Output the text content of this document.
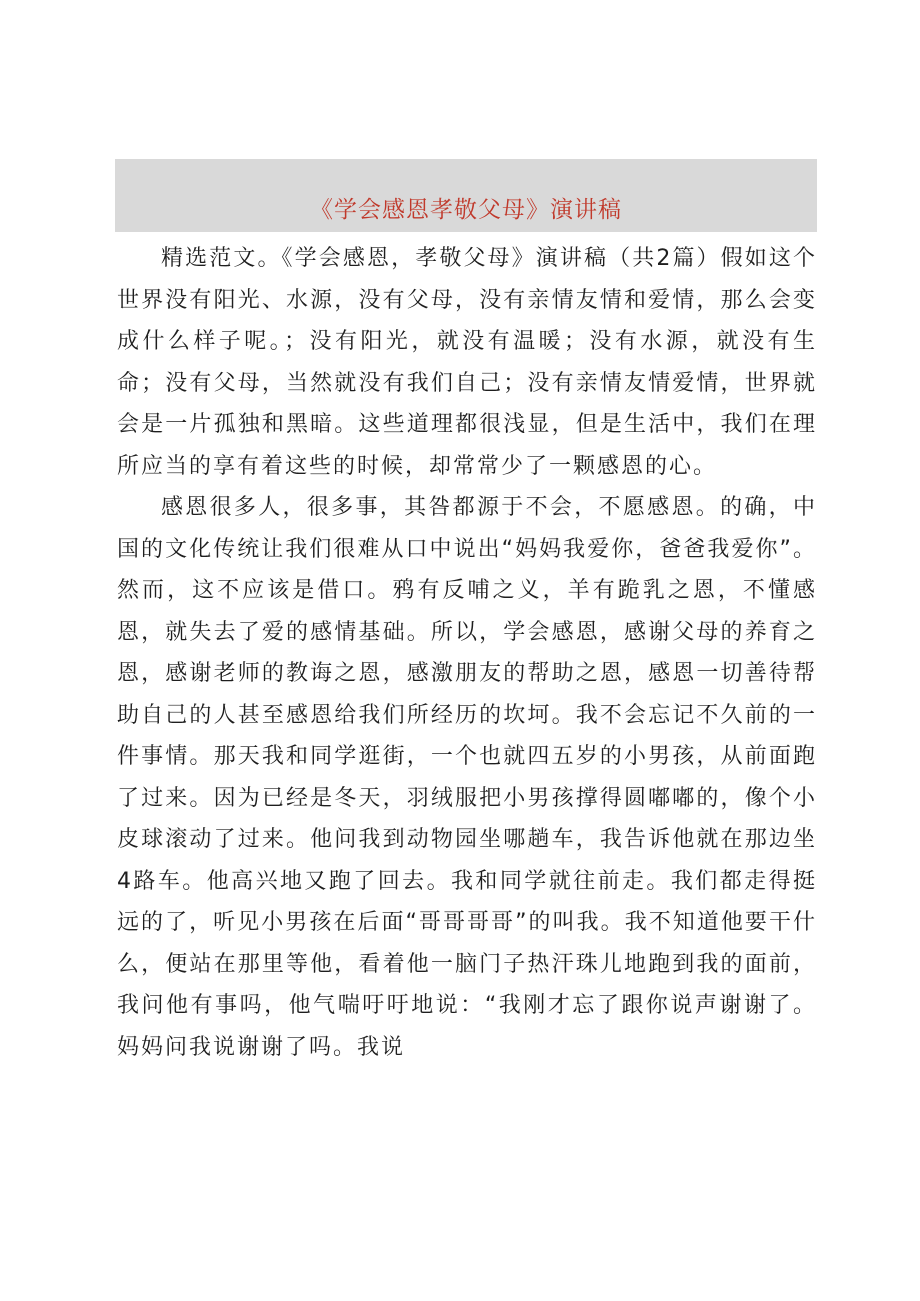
《学会感恩孝敬父母》演讲稿

精选范文。《学会感恩，孝敬父母》演讲稿（共2篇）假如这个世界没有阳光、水源，没有父母，没有亲情友情和爱情，那么会变成什么样子呢。；没有阳光，就没有温暖；没有水源，就没有生命；没有父母，当然就没有我们自己；没有亲情友情爱情，世界就会是一片孤独和黑暗。这些道理都很浅显，但是生活中，我们在理所应当的享有着这些的时候，却常常少了一颗感恩的心。

感恩很多人，很多事，其咎都源于不会，不愿感恩。的确，中国的文化传统让我们很难从口中说出“妈妈我爱你，爸爸我爱你”。然而，这不应该是借口。鸦有反哺之义，羊有跪乳之恩，不懂感恩，就失去了爱的感情基础。所以，学会感恩，感谢父母的养育之恩，感谢老师的教诲之恩，感激朋友的帮助之恩，感恩一切善待帮助自己的人甚至感恩给我们所经历的坎坷。我不会忘记不久前的一件事情。那天我和同学逛街，一个也就四五岁的小男孩，从前面跑了过来。因为已经是冬天，羽绒服把小男孩撑得圆嘟嘟的，像个小皮球滚动了过来。他问我到动物园坐哪趟车，我告诉他就在那边坐4路车。他高兴地又跑了回去。我和同学就往前走。我们都走得挺远的了，听见小男孩在后面“哥哥哥哥”的叫我。我不知道他要干什么，便站在那里等他，看着他一脑门子热汗珠儿地跑到我的面前，我问他有事吗，他气喘吁吁地说：“我刚才忘了跟你说声谢谢了。妈妈问我说谢谢了吗。我说
